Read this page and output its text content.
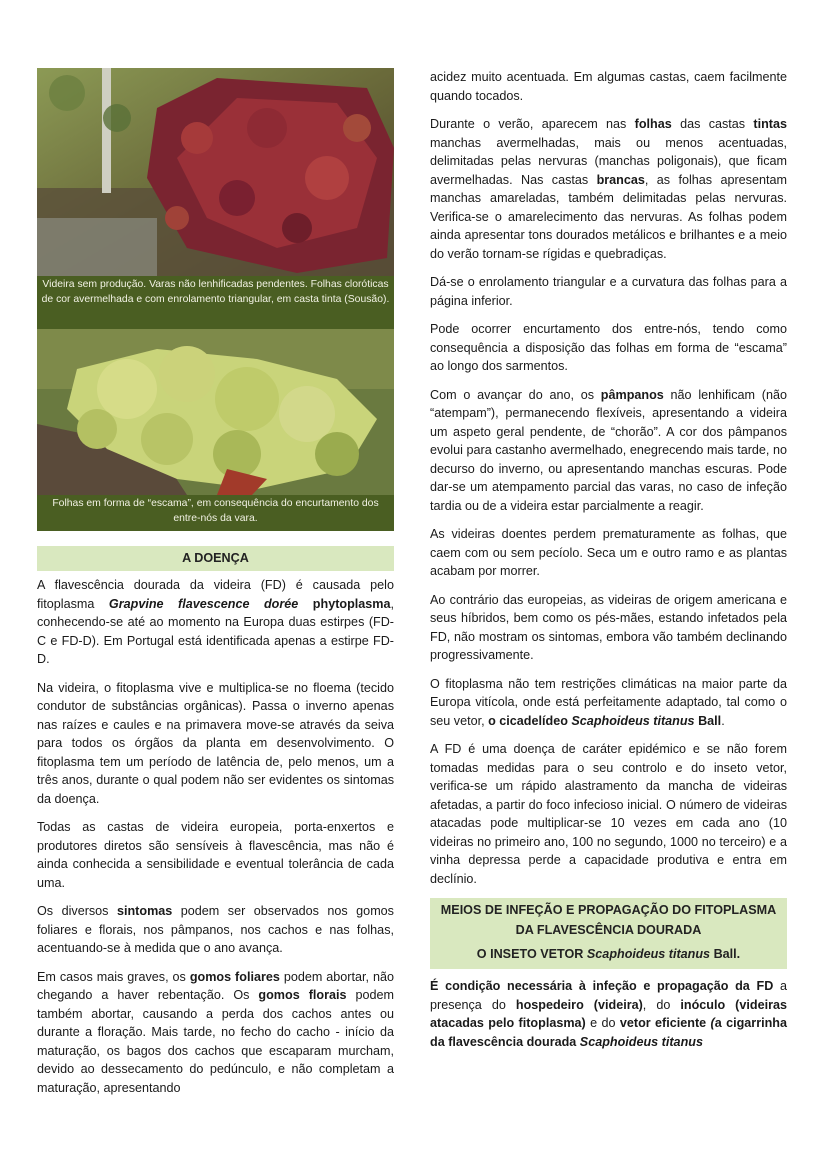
Videira sem produção. Varas não lenhificadas pendentes. Folhas cloróticas de cor avermelhada e com enrolamento triangular, em casta tinta (Sousão).
Folhas em forma de “escama”, em consequência do encurtamento dos entre-nós da vara.
A DOENÇA

A flavescência dourada da videira (FD) é causada pelo fitoplasma Grapvine flavescence dorée phytoplasma, conhecendo-se até ao momento na Europa duas estirpes (FD-C e FD-D). Em Portugal está identificada apenas a estirpe FD-D.

Na videira, o fitoplasma vive e multiplica-se no floema (tecido condutor de substâncias orgânicas). Passa o inverno apenas nas raízes e caules e na primavera move-se através da seiva para todos os órgãos da planta em desenvolvimento. O fitoplasma tem um período de latência de, pelo menos, um a três anos, durante o qual podem não ser evidentes os sintomas da doença.

Todas as castas de videira europeia, porta-enxertos e produtores diretos são sensíveis à flavescência, mas não é ainda conhecida a sensibilidade e eventual tolerância de cada uma.

Os diversos sintomas podem ser observados nos gomos foliares e florais, nos pâmpanos, nos cachos e nas folhas, acentuando-se à medida que o ano avança.

Em casos mais graves, os gomos foliares podem abortar, não chegando a haver rebentação. Os gomos florais podem também abortar, causando a perda dos cachos antes ou durante a floração. Mais tarde, no fecho do cacho - início da maturação, os bagos dos cachos que escaparam murcham, devido ao dessecamento do pedúnculo, e não completam a maturação, apresentando

acidez muito acentuada. Em algumas castas, caem facilmente quando tocados.

Durante o verão, aparecem nas folhas das castas tintas manchas avermelhadas, mais ou menos acentuadas, delimitadas pelas nervuras (manchas poligonais), que ficam avermelhadas. Nas castas brancas, as folhas apresentam manchas amareladas, também delimitadas pelas nervuras. Verifica-se o amarelecimento das nervuras. As folhas podem ainda apresentar tons dourados metálicos e brilhantes e a meio do verão tornam-se rígidas e quebradiças.

Dá-se o enrolamento triangular e a curvatura das folhas para a página inferior.

Pode ocorrer encurtamento dos entre-nós, tendo como consequência a disposição das folhas em forma de “escama” ao longo dos sarmentos.

Com o avançar do ano, os pâmpanos não lenhificam (não “atempam”), permanecendo flexíveis, apresentando a videira um aspeto geral pendente, de “chorão”. A cor dos pâmpanos evolui para castanho avermelhado, enegrecendo mais tarde, no decurso do inverno, ou apresentando manchas escuras. Pode dar-se um atempamento parcial das varas, no caso de infeção tardia ou de a videira estar parcialmente a reagir.

As videiras doentes perdem prematuramente as folhas, que caem com ou sem pecíolo. Seca um e outro ramo e as plantas acabam por morrer.

Ao contrário das europeias, as videiras de origem americana e seus híbridos, bem como os pés-mães, estando infetados pela FD, não mostram os sintomas, embora vão também declinando progressivamente.

O fitoplasma não tem restrições climáticas na maior parte da Europa vitícola, onde está perfeitamente adaptado, tal como o seu vetor, o cicadelídeo Scaphoideus titanus Ball.

A FD é uma doença de caráter epidémico e se não forem tomadas medidas para o seu controlo e do inseto vetor, verifica-se um rápido alastramento da mancha de videiras afetadas, a partir do foco infecioso inicial. O número de videiras atacadas pode multiplicar-se 10 vezes em cada ano (10 videiras no primeiro ano, 100 no segundo, 1000 no terceiro) e a vinha depressa perde a capacidade produtiva e entra em declínio.

MEIOS DE INFEÇÃO E PROPAGAÇÃO DO FITOPLASMA DA FLAVESCÊNCIA DOURADA
O INSETO VETOR Scaphoideus titanus Ball.

É condição necessária à infeção e propagação da FD a presença do hospedeiro (videira), do inóculo (videiras atacadas pelo fitoplasma) e do vetor eficiente (a cigarrinha da flavescência dourada Scaphoideus titanus
